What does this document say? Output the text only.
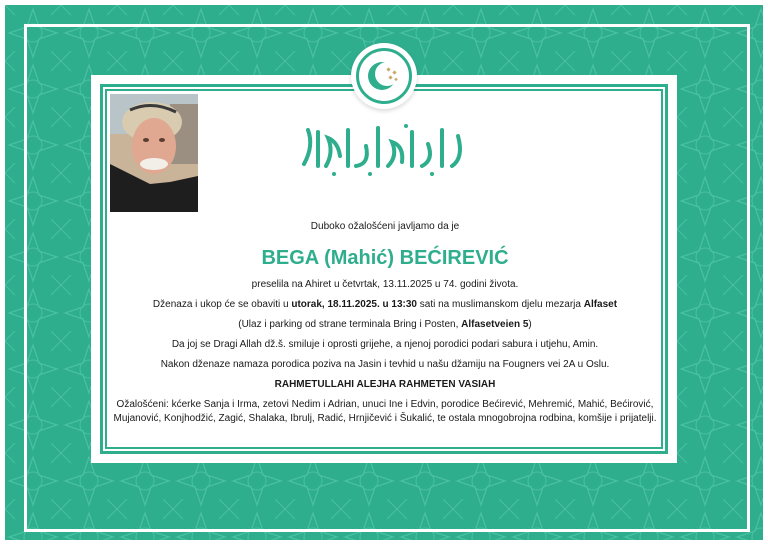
Duboko ožalošćeni javljamo da je
BEGA (Mahić) BEĆIREVIĆ
preselila na Ahiret u četvrtak, 13.11.2025 u 74. godini života.
Dženaza i ukop će se obaviti u utorak, 18.11.2025. u 13:30 sati na muslimanskom djelu mezarja Alfaset
(Ulaz i parking od strane terminala Bring i Posten, Alfasetveien 5)
Da joj se Dragi Allah dž.š. smiluje i oprosti grijehe, a njenoj porodici podari sabura i utjehu, Amin.
Nakon dženaze namaza porodica poziva na Jasin i tevhid u našu džamiju na Fougners vei 2A u Oslu.
RAHMETULLAHI ALEJHA RAHMETEN VASIAH
Ožalošćeni: kćerke Sanja i Irma, zetovi Nedim i Adrian, unuci Ine i Edvin, porodice Bećirević, Mehremić, Mahić, Bećirović, Mujanović, Konjhodžić, Zagić, Shalaka, Ibrulj, Radić, Hrnjičević i Šukalić, te ostala mnogobrojna rodbina, komšije i prijatelji.
